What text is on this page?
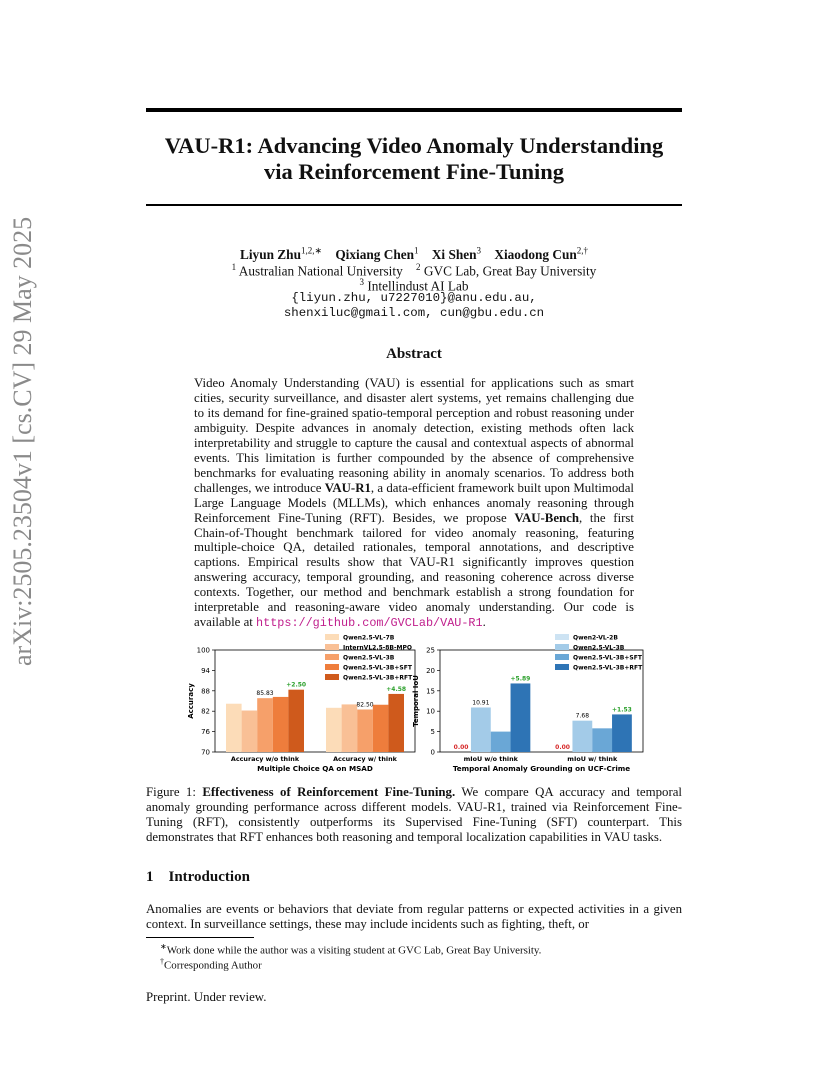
arXiv:2505.23504v1 [cs.CV] 29 May 2025
VAU-R1: Advancing Video Anomaly Understanding
via Reinforcement Fine-Tuning
Liyun Zhu$^{1,2,∗}$ Qixiang Chen$^1$ Xi Shen$^3$ Xiaodong Cun$^{2,\dagger}$
$^1$ Australian National University $^2$ GVC Lab, Great Bay University
$^3$ Intellindust AI Lab
{liyun.zhu, u7227010}@anu.edu.au,
shenxiluc@gmail.com, cun@gbu.edu.cn
Abstract
Video Anomaly Understanding (VAU) is essential for applications such as smart cities, security surveillance, and disaster alert systems, yet remains challenging due to its demand for fine-grained spatio-temporal perception and robust reasoning under ambiguity. Despite advances in anomaly detection, existing methods often lack interpretability and struggle to capture the causal and contextual aspects of abnormal events. This limitation is further compounded by the absence of comprehensive benchmarks for evaluating reasoning ability in anomaly scenarios. To address both challenges, we introduce VAU-R1, a data-efficient framework built upon Multimodal Large Language Models (MLLMs), which enhances anomaly reasoning through Reinforcement Fine-Tuning (RFT). Besides, we propose VAU-Bench, the first Chain-of-Thought benchmark tailored for video anomaly reasoning, featuring multiple-choice QA, detailed rationales, temporal annotations, and descriptive captions. Empirical results show that VAU-R1 significantly improves question answering accuracy, temporal grounding, and reasoning coherence across diverse contexts. Together, our method and benchmark establish a strong foundation for interpretable and reasoning-aware video anomaly understanding. Our code is available at https://github.com/GVCLab/VAU-R1.
70
76
82
88
94
100
Accuracy
Accuracy w/o think	Accuracy w/ think
85.83
+2.50
82.50
+4.58
Multiple Choice QA on MSAD
Qwen2.5-VL-7B
InternVL2.5-8B-MPO
Qwen2.5-VL-3B
Qwen2.5-VL-3B+SFT
Qwen2.5-VL-3B+RFT
0
5
10
15
20
25
Temporal IoU
mIoU w/o think	mIoU w/ think
0.00
10.91
+5.89
0.00
7.68
+1.53
Temporal Anomaly Grounding on UCF-Crime
Qwen2-VL-2B
Qwen2.5-VL-3B
Qwen2.5-VL-3B+SFT
Qwen2.5-VL-3B+RFT
Figure 1: Effectiveness of Reinforcement Fine-Tuning. We compare QA accuracy and temporal anomaly grounding performance across different models. VAU-R1, trained via Reinforcement Fine-Tuning (RFT), consistently outperforms its Supervised Fine-Tuning (SFT) counterpart. This demonstrates that RFT enhances both reasoning and temporal localization capabilities in VAU tasks.
1 Introduction
Anomalies are events or behaviors that deviate from regular patterns or expected activities in a given context. In surveillance settings, these may include incidents such as fighting, theft, or
∗Work done while the author was a visiting student at GVC Lab, Great Bay University.
†Corresponding Author
Preprint. Under review.
